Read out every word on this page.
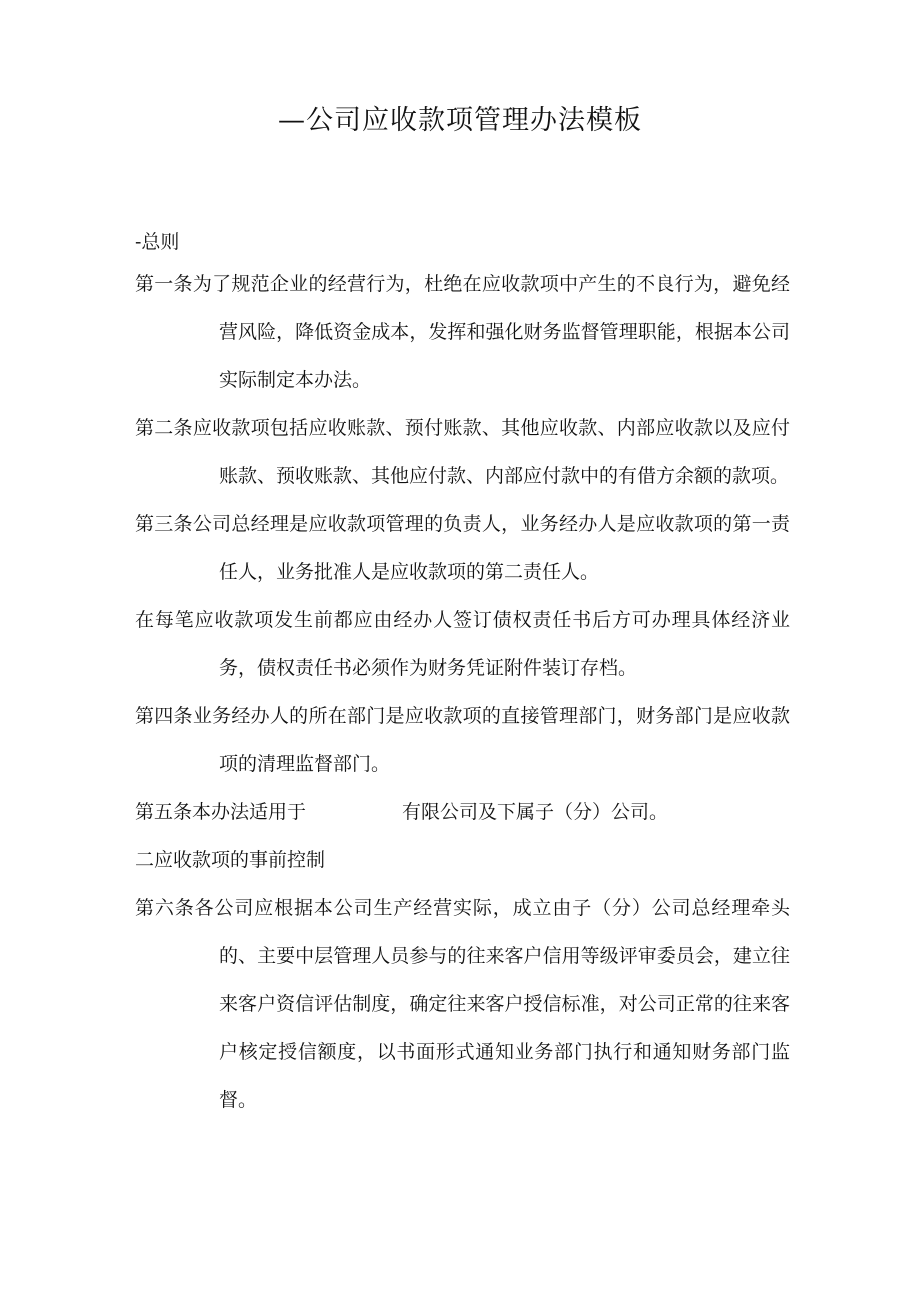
—公司应收款项管理办法模板

-总则

第一条为了规范企业的经营行为，杜绝在应收款项中产生的不良行为，避免经营风险，降低资金成本，发挥和强化财务监督管理职能，根据本公司实际制定本办法。

第二条应收款项包括应收账款、预付账款、其他应收款、内部应收款以及应付账款、预收账款、其他应付款、内部应付款中的有借方余额的款项。

第三条公司总经理是应收款项管理的负责人，业务经办人是应收款项的第一责任人，业务批准人是应收款项的第二责任人。

在每笔应收款项发生前都应由经办人签订债权责任书后方可办理具体经济业务，债权责任书必须作为财务凭证附件装订存档。

第四条业务经办人的所在部门是应收款项的直接管理部门，财务部门是应收款项的清理监督部门。

第五条本办法适用于	有限公司及下属子（分）公司。

二应收款项的事前控制

第六条各公司应根据本公司生产经营实际，成立由子（分）公司总经理牵头的、主要中层管理人员参与的往来客户信用等级评审委员会，建立往来客户资信评估制度，确定往来客户授信标准，对公司正常的往来客户核定授信额度，以书面形式通知业务部门执行和通知财务部门监督。
